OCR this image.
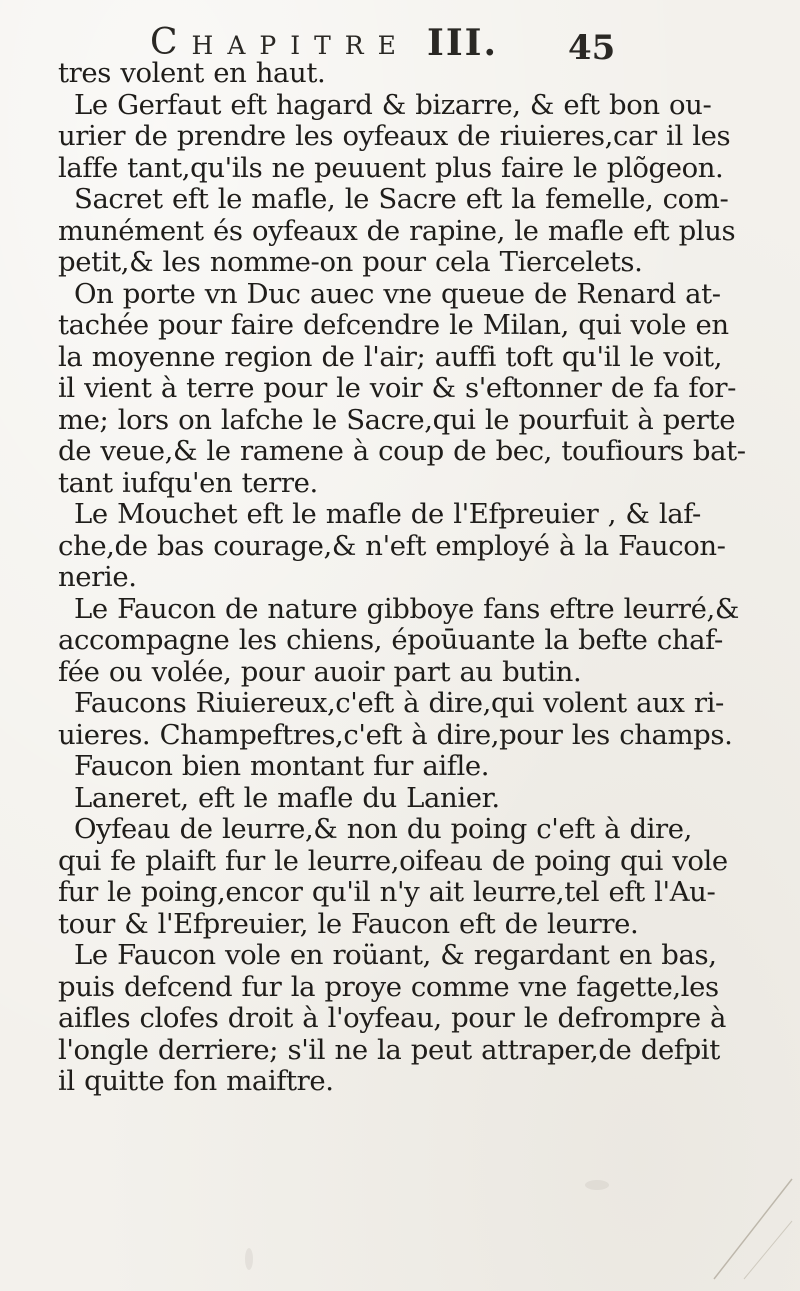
Chapitre III. 45
tres volent en haut.
Le Gerfaut eft hagard & bizarre, & eft bon ou-
urier de prendre les oyfeaux de riuieres,car il les
laffe tant,qu'ils ne peuuent plus faire le plõgeon.
Sacret eft le mafle, le Sacre eft la femelle, com-
munément és oyfeaux de rapine, le mafle eft plus
petit,& les nomme-on pour cela Tiercelets.
On porte vn Duc auec vne queue de Renard at-
tachée pour faire defcendre le Milan, qui vole en
la moyenne region de l'air; auffi toft qu'il le voit,
il vient à terre pour le voir & s'eftonner de fa for-
me; lors on lafche le Sacre,qui le pourfuit à perte
de veue,& le ramene à coup de bec, toufiours bat-
tant iufqu'en terre.
Le Mouchet eft le mafle de l'Efpreuier , & laf-
che,de bas courage,& n'eft employé à la Faucon-
nerie.
Le Faucon de nature gibboye fans eftre leurré,&
accompagne les chiens, époūuante la befte chaf-
fée ou volée, pour auoir part au butin.
Faucons Riuiereux,c'eft à dire,qui volent aux ri-
uieres. Champeftres,c'eft à dire,pour les champs.
Faucon bien montant fur aifle.
Laneret, eft le mafle du Lanier.
Oyfeau de leurre,& non du poing c'eft à dire,
qui fe plaift fur le leurre,oifeau de poing qui vole
fur le poing,encor qu'il n'y ait leurre,tel eft l'Au-
tour & l'Efpreuier, le Faucon eft de leurre.
Le Faucon vole en roüant, & regardant en bas,
puis defcend fur la proye comme vne fagette,les
aifles clofes droit à l'oyfeau, pour le defrompre à
l'ongle derriere; s'il ne la peut attraper,de defpit
il quitte fon maiftre.
